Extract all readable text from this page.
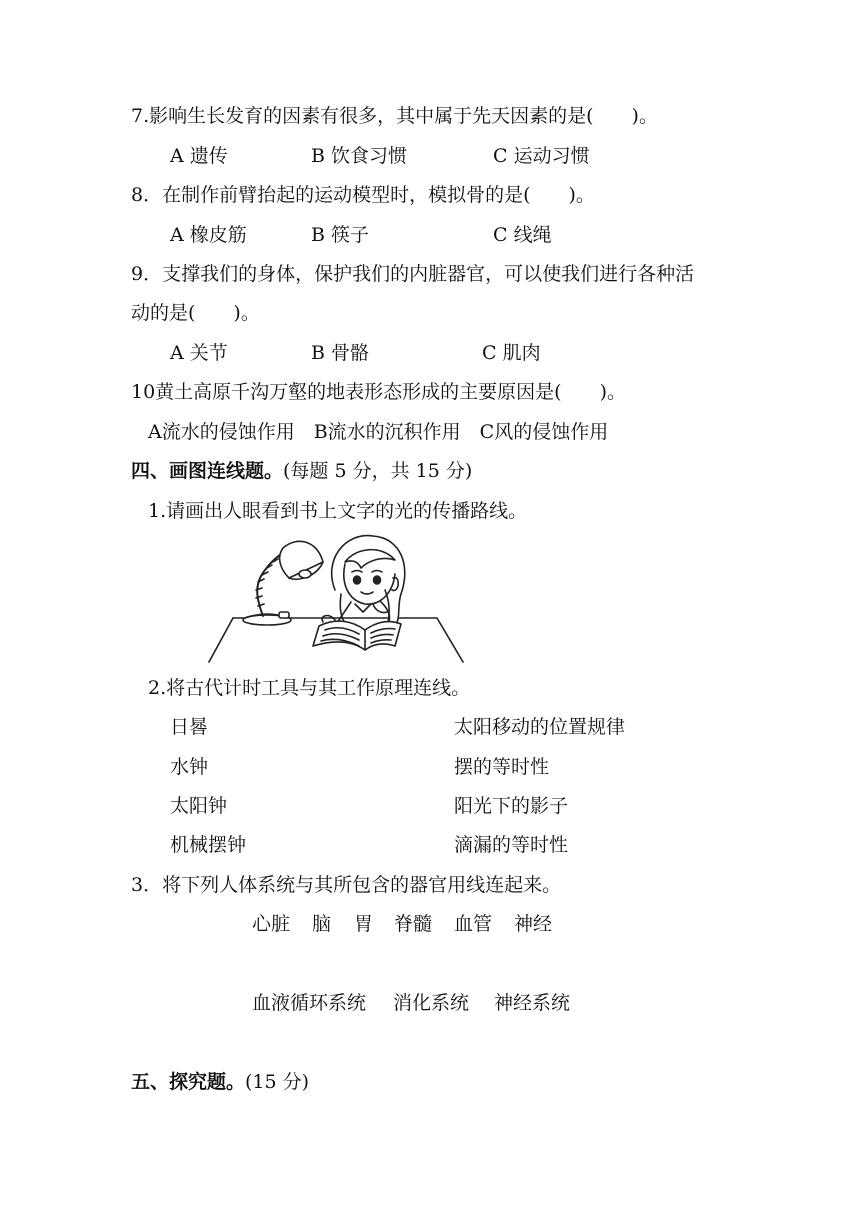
7.影响生长发育的因素有很多，其中属于先天因素的是(　　)。
A 遗传	B 饮食习惯	C 运动习惯
8．在制作前臂抬起的运动模型时，模拟骨的是(　　)。
A 橡皮筋	B 筷子	C 线绳
9．支撑我们的身体，保护我们的内脏器官，可以使我们进行各种活
动的是(　　)。
A 关节	B 骨骼	C 肌肉
10黄土高原千沟万壑的地表形态形成的主要原因是(　　)。
A流水的侵蚀作用　B流水的沉积作用　C风的侵蚀作用
四、画图连线题。(每题 5 分，共 15 分)
1.请画出人眼看到书上文字的光的传播路线。
2.将古代计时工具与其工作原理连线。
日晷	太阳移动的位置规律
水钟	摆的等时性
太阳钟	阳光下的影子
机械摆钟	滴漏的等时性
3．将下列人体系统与其所包含的器官用线连起来。
心脏 脑 胃 脊髓 血管 神经
血液循环系统 消化系统 神经系统
五、探究题。(15 分)
